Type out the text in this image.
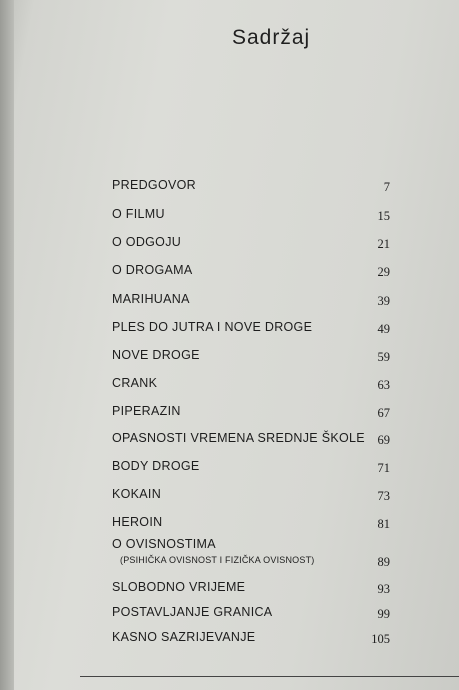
Sadržaj
PREDGOVOR	7
O FILMU	15
O ODGOJU	21
O DROGAMA	29
MARIHUANA	39
PLES DO JUTRA I NOVE DROGE	49
NOVE DROGE	59
CRANK	63
PIPERAZIN	67
OPASNOSTI VREMENA SREDNJE ŠKOLE 69
BODY DROGE	71
KOKAIN	73
HEROIN	81
O OVISNOSTIMA
(PSIHIČKA OVISNOST I FIZIČKA OVISNOST)	89
SLOBODNO VRIJEME	93
POSTAVLJANJE GRANICA	99
KASNO SAZRIJEVANJE	105
